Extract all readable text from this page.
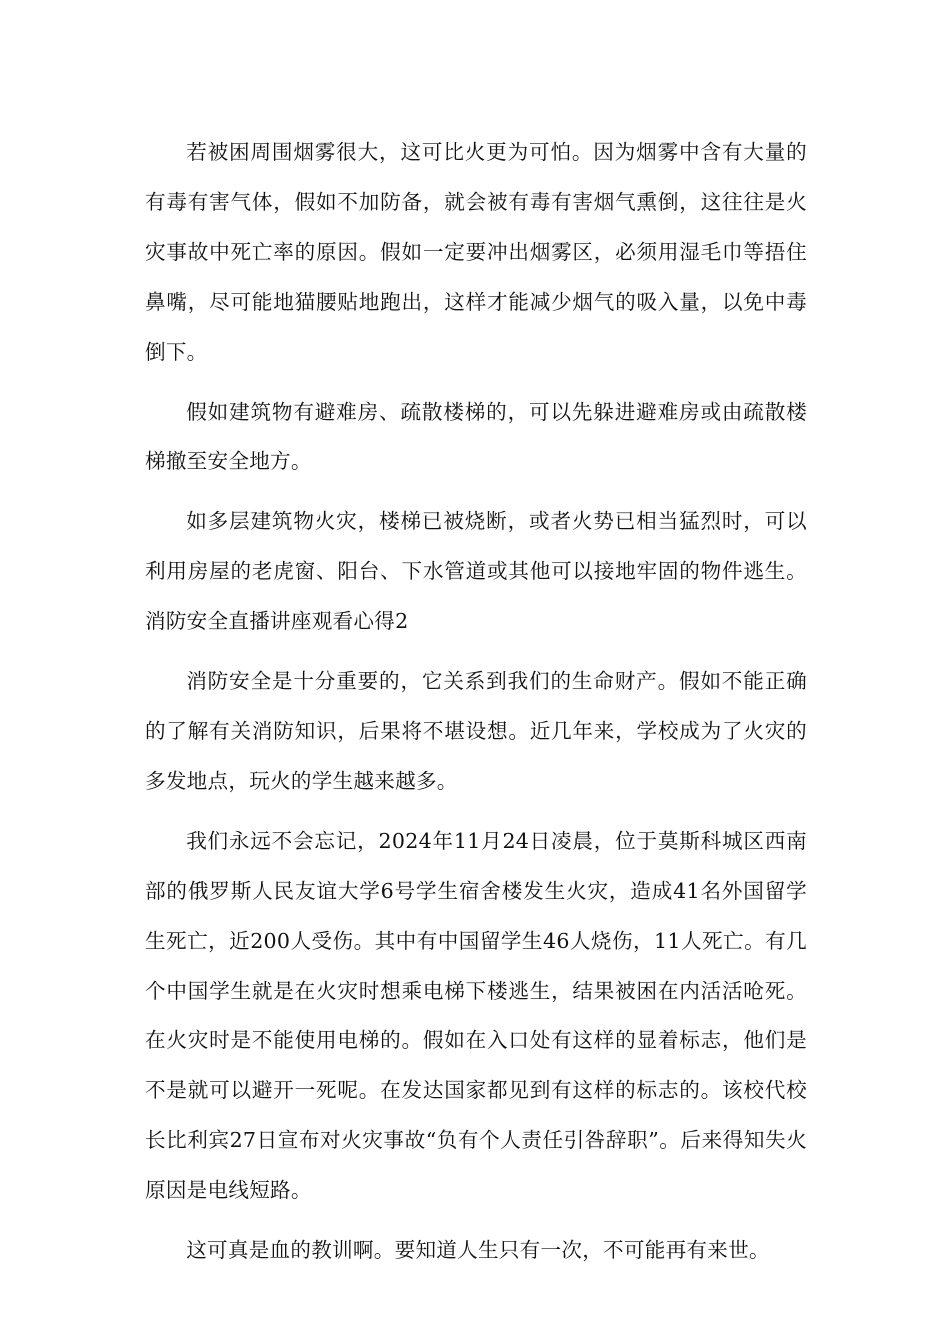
若被困周围烟雾很大，这可比火更为可怕。因为烟雾中含有大量的有毒有害气体，假如不加防备，就会被有毒有害烟气熏倒，这往往是火灾事故中死亡率的原因。假如一定要冲出烟雾区，必须用湿毛巾等捂住鼻嘴，尽可能地猫腰贴地跑出，这样才能减少烟气的吸入量，以免中毒倒下。

假如建筑物有避难房、疏散楼梯的，可以先躲进避难房或由疏散楼梯撤至安全地方。

如多层建筑物火灾，楼梯已被烧断，或者火势已相当猛烈时，可以利用房屋的老虎窗、阳台、下水管道或其他可以接地牢固的物件逃生。消防安全直播讲座观看心得2

消防安全是十分重要的，它关系到我们的生命财产。假如不能正确的了解有关消防知识，后果将不堪设想。近几年来，学校成为了火灾的多发地点，玩火的学生越来越多。

我们永远不会忘记，2024年11月24日凌晨，位于莫斯科城区西南部的俄罗斯人民友谊大学6号学生宿舍楼发生火灾，造成41名外国留学生死亡，近200人受伤。其中有中国留学生46人烧伤，11人死亡。有几个中国学生就是在火灾时想乘电梯下楼逃生，结果被困在内活活呛死。在火灾时是不能使用电梯的。假如在入口处有这样的显着标志，他们是不是就可以避开一死呢。在发达国家都见到有这样的标志的。该校代校长比利宾27日宣布对火灾事故“负有个人责任引咎辞职”。后来得知失火原因是电线短路。

这可真是血的教训啊。要知道人生只有一次，不可能再有来世。
